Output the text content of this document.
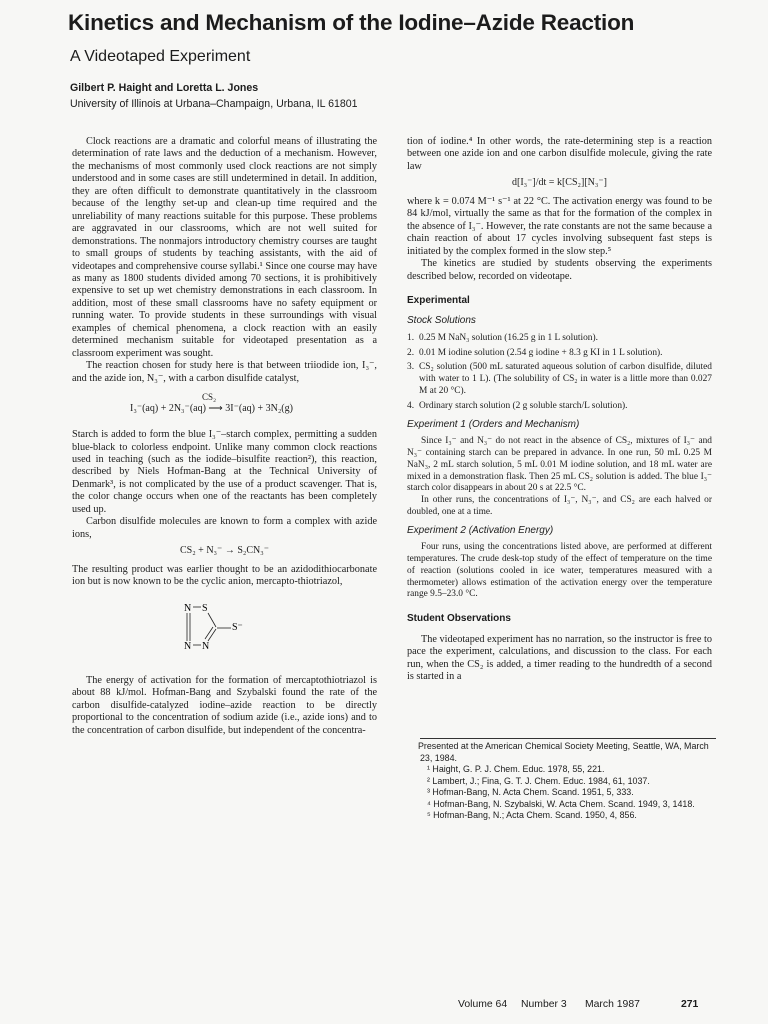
Kinetics and Mechanism of the Iodine–Azide Reaction
A Videotaped Experiment
Gilbert P. Haight and Loretta L. Jones
University of Illinois at Urbana–Champaign, Urbana, IL 61801

Clock reactions are a dramatic and colorful means of illustrating the determination of rate laws and the deduction of a mechanism. However, the mechanisms of most commonly used clock reactions are not simply understood and in some cases are still undetermined in detail. In addition, they are often difficult to demonstrate quantitatively in the classroom because of the lengthy set-up and clean-up time required and the unreliability of many reactions suitable for this purpose. These problems are aggravated in our classrooms, which are not well suited for demonstrations. The nonmajors introductory chemistry courses are taught to small groups of students by teaching assistants, with the aid of videotapes and comprehensive course syllabi.¹ Since one course may have as many as 1800 students divided among 70 sections, it is prohibitively expensive to set up wet chemistry demonstrations in each classroom. In addition, most of these small classrooms have no safety equipment or running water. To provide students in these surroundings with visual examples of chemical phenomena, a clock reaction with an easily determined mechanism suitable for videotaped presentation as a classroom experiment was sought.

The reaction chosen for study here is that between triiodide ion, I₃⁻, and the azide ion, N₃⁻, with a carbon disulfide catalyst,

CS₂
I₃⁻(aq) + 2N₃⁻(aq) ⟶ 3I⁻(aq) + 3N₂(g)

Starch is added to form the blue I₃⁻–starch complex, permitting a sudden blue-black to colorless endpoint. Unlike many common clock reactions used in teaching (such as the iodide–bisulfite reaction²), this reaction, described by Niels Hofman-Bang at the Technical University of Denmark³, is not complicated by the use of a product scavenger. That is, the color change occurs when one of the reactants has been completely used up.

Carbon disulfide molecules are known to form a complex with azide ions,

CS₂ + N₃⁻ → S₂CN₃⁻

The resulting product was earlier thought to be an azidodithiocarbonate ion but is now known to be the cyclic anion, mercapto-thiotriazol,

N S
N N
S⁻

The energy of activation for the formation of mercaptothiotriazol is about 88 kJ/mol. Hofman-Bang and Szybalski found the rate of the carbon disulfide-catalyzed iodine–azide reaction to be directly proportional to the concentration of sodium azide (i.e., azide ions) and to the concentration of carbon disulfide, but independent of the concentra-

tion of iodine.⁴ In other words, the rate-determining step is a reaction between one azide ion and one carbon disulfide molecule, giving the rate law

d[I₃⁻]/dt = k[CS₂][N₃⁻]

where k = 0.074 M⁻¹ s⁻¹ at 22 °C. The activation energy was found to be 84 kJ/mol, virtually the same as that for the formation of the complex in the absence of I₃⁻. However, the rate constants are not the same because a chain reaction of about 17 cycles involving subsequent fast steps is initiated by the complex formed in the slow step.⁵

The kinetics are studied by students observing the experiments described below, recorded on videotape.

Experimental
Stock Solutions
1. 0.25 M NaN₃ solution (16.25 g in 1 L solution).
2. 0.01 M iodine solution (2.54 g iodine + 8.3 g KI in 1 L solution).
3. CS₂ solution (500 mL saturated aqueous solution of carbon disulfide, diluted with water to 1 L). (The solubility of CS₂ in water is a little more than 0.027 M at 20 °C).
4. Ordinary starch solution (2 g soluble starch/L solution).
Experiment 1 (Orders and Mechanism)

Since I₃⁻ and N₃⁻ do not react in the absence of CS₂, mixtures of I₃⁻ and N₃⁻ containing starch can be prepared in advance. In one run, 50 mL 0.25 M NaN₃, 2 mL starch solution, 5 mL 0.01 M iodine solution, and 18 mL water are mixed in a demonstration flask. Then 25 mL CS₂ solution is added. The blue I₃⁻ starch color disappears in about 20 s at 22.5 °C.

In other runs, the concentrations of I₃⁻, N₃⁻, and CS₂ are each halved or doubled, one at a time.

Experiment 2 (Activation Energy)

Four runs, using the concentrations listed above, are performed at different temperatures. The crude desk-top study of the effect of temperature on the time of reaction (solutions cooled in ice water, temperatures measured with a thermometer) allows estimation of the activation energy over the temperature range 9.5–23.0 °C.

Student Observations

The videotaped experiment has no narration, so the instructor is free to pace the experiment, calculations, and discussion to the class. For each run, when the CS₂ is added, a timer reading to the hundredth of a second is started in a

Presented at the American Chemical Society Meeting, Seattle, WA, March 23, 1984.
¹ Haight, G. P. J. Chem. Educ. 1978, 55, 221.
² Lambert, J.; Fina, G. T. J. Chem. Educ. 1984, 61, 1037.
³ Hofman-Bang, N. Acta Chem. Scand. 1951, 5, 333.
⁴ Hofman-Bang, N. Szybalski, W. Acta Chem. Scand. 1949, 3, 1418.
⁵ Hofman-Bang, N.; Acta Chem. Scand. 1950, 4, 856.
Volume 64 Number 3 March 1987	271
